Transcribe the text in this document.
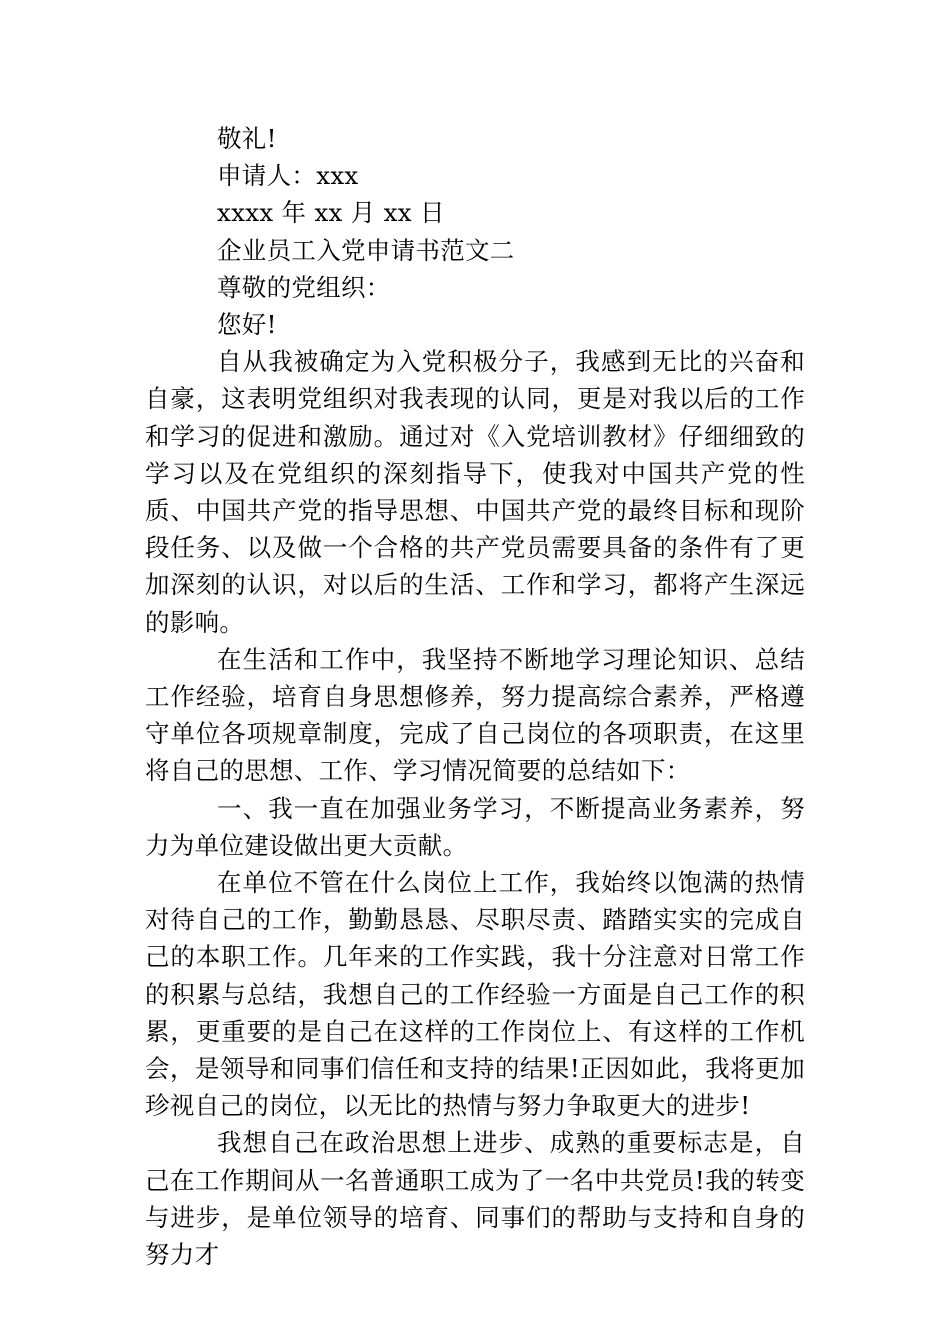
敬礼!
申请人：xxx
xxxx 年 xx 月 xx 日
企业员工入党申请书范文二
尊敬的党组织：
您好!

自从我被确定为入党积极分子，我感到无比的兴奋和自豪，这表明党组织对我表现的认同，更是对我以后的工作和学习的促进和激励。通过对《入党培训教材》仔细细致的学习以及在党组织的深刻指导下，使我对中国共产党的性质、中国共产党的指导思想、中国共产党的最终目标和现阶段任务、以及做一个合格的共产党员需要具备的条件有了更加深刻的认识，对以后的生活、工作和学习，都将产生深远的影响。

在生活和工作中，我坚持不断地学习理论知识、总结工作经验，培育自身思想修养，努力提高综合素养，严格遵守单位各项规章制度，完成了自己岗位的各项职责，在这里将自己的思想、工作、学习情况简要的总结如下：

一、我一直在加强业务学习，不断提高业务素养，努力为单位建设做出更大贡献。

在单位不管在什么岗位上工作，我始终以饱满的热情对待自己的工作，勤勤恳恳、尽职尽责、踏踏实实的完成自己的本职工作。几年来的工作实践，我十分注意对日常工作的积累与总结，我想自己的工作经验一方面是自己工作的积累，更重要的是自己在这样的工作岗位上、有这样的工作机会，是领导和同事们信任和支持的结果!正因如此，我将更加珍视自己的岗位，以无比的热情与努力争取更大的进步!

我想自己在政治思想上进步、成熟的重要标志是，自己在工作期间从一名普通职工成为了一名中共党员!我的转变与进步，是单位领导的培育、同事们的帮助与支持和自身的努力才
